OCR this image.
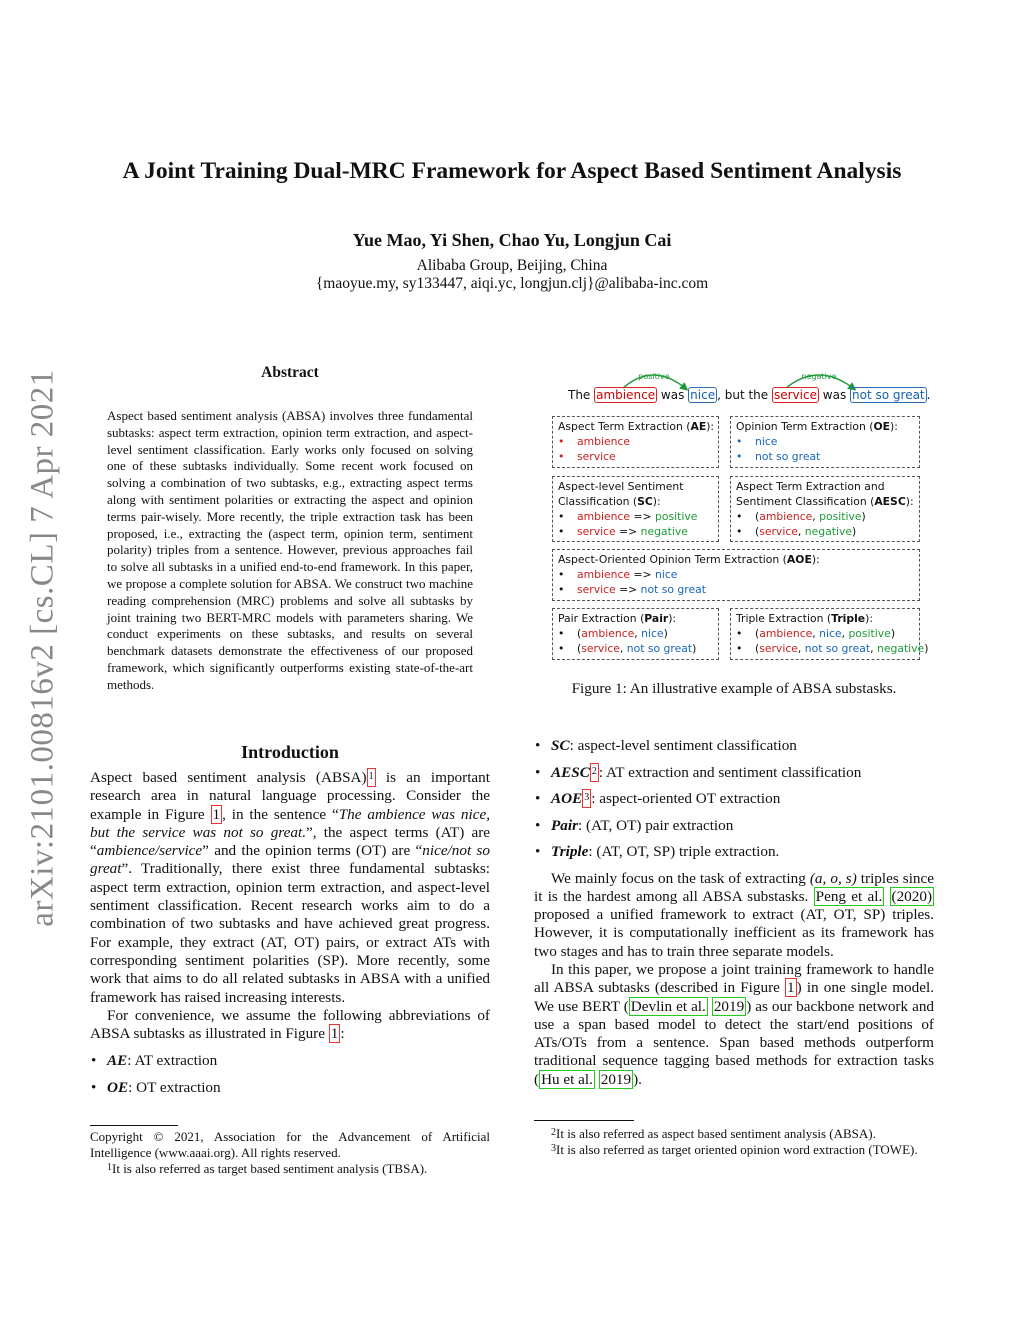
arXiv:2101.00816v2 [cs.CL] 7 Apr 2021
A Joint Training Dual-MRC Framework for Aspect Based Sentiment Analysis
Yue Mao, Yi Shen, Chao Yu, Longjun Cai
Alibaba Group, Beijing, China
{maoyue.my, sy133447, aiqi.yc, longjun.clj}@alibaba-inc.com
Abstract

Aspect based sentiment analysis (ABSA) involves three fundamental subtasks: aspect term extraction, opinion term extraction, and aspect-level sentiment classification. Early works only focused on solving one of these subtasks individually. Some recent work focused on solving a combination of two subtasks, e.g., extracting aspect terms along with sentiment polarities or extracting the aspect and opinion terms pair-wisely. More recently, the triple extraction task has been proposed, i.e., extracting the (aspect term, opinion term, sentiment polarity) triples from a sentence. However, previous approaches fail to solve all subtasks in a unified end-to-end framework. In this paper, we propose a complete solution for ABSA. We construct two machine reading comprehension (MRC) problems and solve all subtasks by joint training two BERT-MRC models with parameters sharing. We conduct experiments on these subtasks, and results on several benchmark datasets demonstrate the effectiveness of our proposed framework, which significantly outperforms existing state-of-the-art methods.

Introduction

Aspect based sentiment analysis (ABSA) $^1$ is an important research area in natural language processing. Consider the example in Figure 1 , in the sentence “The ambience was nice, but the service was not so great.”, the aspect terms (AT) are “ambience/service” and the opinion terms (OT) are “nice/not so great”. Traditionally, there exist three fundamental subtasks: aspect term extraction, opinion term extraction, and aspect-level sentiment classification. Recent research works aim to do a combination of two subtasks and have achieved great progress. For example, they extract (AT, OT) pairs, or extract ATs with corresponding sentiment polarities (SP). More recently, some work that aims to do all related subtasks in ABSA with a unified framework has raised increasing interests.

For convenience, we assume the following abbreviations of ABSA subtasks as illustrated in Figure 1 :

• AE: AT extraction
• OE: OT extraction
Copyright © 2021, Association for the Advancement of Artificial Intelligence (www.aaai.org). All rights reserved.
$^1$It is also referred as target based sentiment analysis (TBSA).
positive	negative
The ambience was nice , but the service was not so great .
Aspect Term Extraction (AE):
• ambience
• service
Opinion Term Extraction (OE):
• nice
• not so great
Aspect-level Sentiment
Classification (SC):
• ambience => positive
• service => negative
Aspect Term Extraction and
Sentiment Classification (AESC):
• (ambience, positive)
• (service, negative)
Aspect-Oriented Opinion Term Extraction (AOE):
• ambience => nice
• service => not so great
Pair Extraction (Pair):
• (ambience, nice)
• (service, not so great)
Triple Extraction (Triple):
• (ambience, nice, positive)
• (service, not so great, negative)
Figure 1: An illustrative example of ABSA substasks.
• SC: aspect-level sentiment classification
• AESC $^2$ : AT extraction and sentiment classification
• AOE $^3$ : aspect-oriented OT extraction
• Pair: (AT, OT) pair extraction
• Triple: (AT, OT, SP) triple extraction.

We mainly focus on the task of extracting (a, o, s) triples since it is the hardest among all ABSA substasks. Peng et al. (2020) proposed a unified framework to extract (AT, OT, SP) triples. However, it is computationally inefficient as its framework has two stages and has to train three separate models.

In this paper, we propose a joint training framework to handle all ABSA subtasks (described in Figure 1 ) in one single model. We use BERT ( Devlin et al. 2019 ) as our backbone network and use a span based model to detect the start/end positions of ATs/OTs from a sentence. Span based methods outperform traditional sequence tagging based methods for extraction tasks ( Hu et al. 2019 ).

$^2$It is also referred as aspect based sentiment analysis (ABSA).
$^3$It is also referred as target oriented opinion word extraction (TOWE).
